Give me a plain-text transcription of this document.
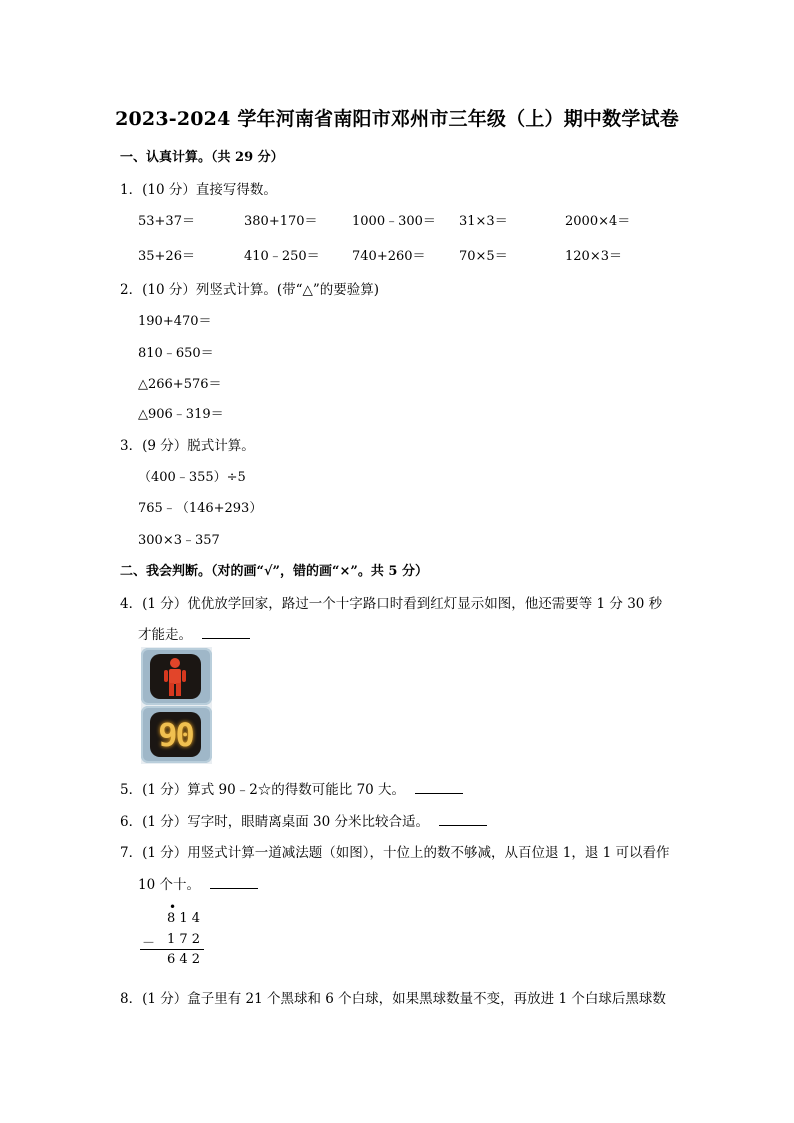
2023-2024 学年河南省南阳市邓州市三年级（上）期中数学试卷
一、认真计算。（共 29 分）
1．(10 分）直接写得数。
53+37＝	380+170＝	1000﹣300＝ 31×3＝	2000×4＝
35+26＝	410﹣250＝ 740+260＝	70×5＝	120×3＝
2．(10 分）列竖式计算。(带“△”的要验算)
190+470＝
810﹣650＝
△266+576＝
△906﹣319＝
3．(9 分）脱式计算。
（400﹣355）÷5
765﹣（146+293）
300×3﹣357
二、我会判断。（对的画“√”，错的画“×”。共 5 分）
4．(1 分）优优放学回家，路过一个十字路口时看到红灯显示如图，他还需要等 1 分 30 秒
才能走。
90
5．(1 分）算式 90﹣2☆的得数可能比 70 大。
6．(1 分）写字时，眼睛离桌面 30 分米比较合适。
7．(1 分）用竖式计算一道减法题（如图），十位上的数不够减，从百位退 1，退 1 可以看作
10 个十。
•
8 1 4
－ 1 7 2
6 4 2
8．(1 分）盒子里有 21 个黑球和 6 个白球，如果黑球数量不变，再放进 1 个白球后黑球数
